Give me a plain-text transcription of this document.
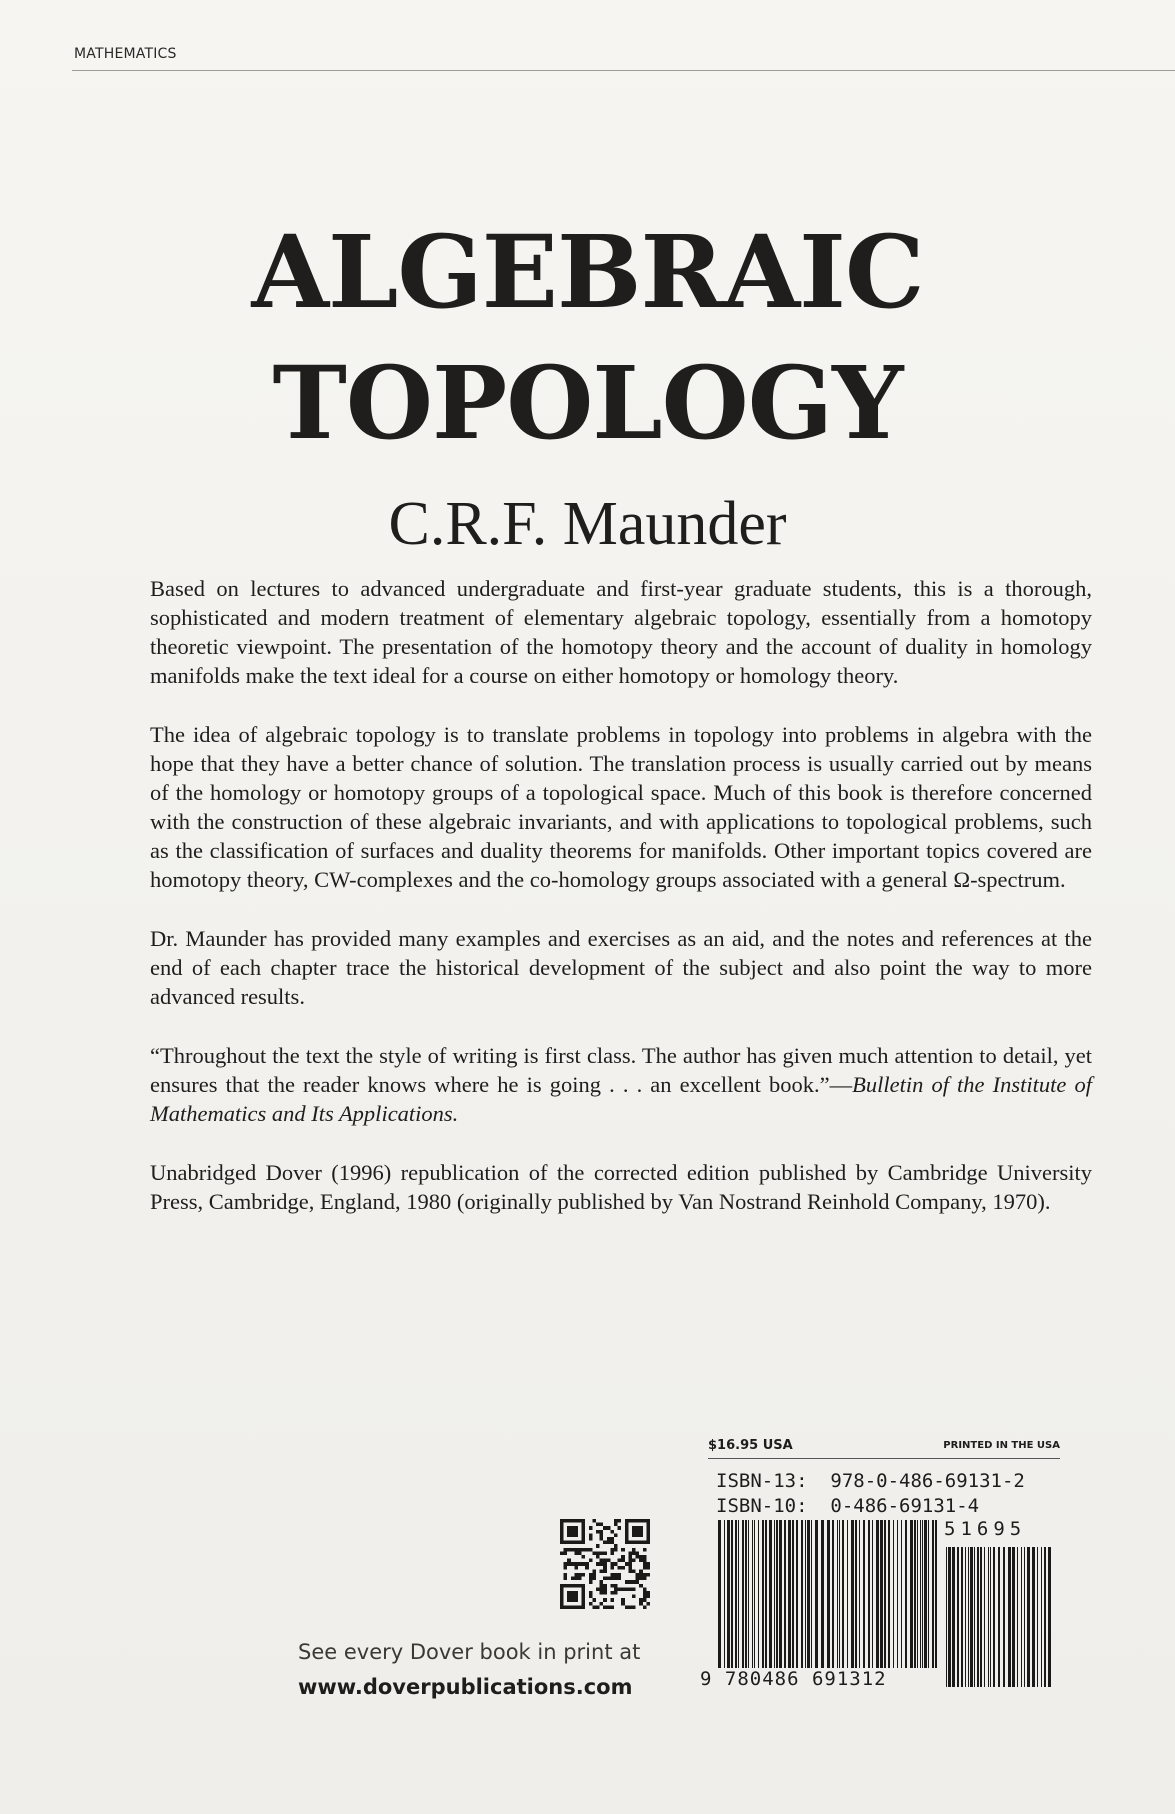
MATHEMATICS
ALGEBRAIC
TOPOLOGY
C.R.F. Maunder

Based on lectures to advanced undergraduate and first-year graduate students, this is a thorough, sophisticated and modern treatment of elementary algebraic topology, essentially from a homotopy theoretic viewpoint. The presentation of the homotopy theory and the account of duality in homology manifolds make the text ideal for a course on either homotopy or homology theory.

The idea of algebraic topology is to translate problems in topology into problems in algebra with the hope that they have a better chance of solution. The translation process is usually carried out by means of the homology or homotopy groups of a topological space. Much of this book is therefore concerned with the construction of these algebraic invariants, and with applications to topological problems, such as the classification of surfaces and duality theorems for manifolds. Other important topics covered are homotopy theory, CW-complexes and the co-homology groups associated with a general Ω-spectrum.

Dr. Maunder has provided many examples and exercises as an aid, and the notes and references at the end of each chapter trace the historical development of the subject and also point the way to more advanced results.

“Throughout the text the style of writing is first class. The author has given much attention to detail, yet ensures that the reader knows where he is going . . . an excellent book.”—Bulletin of the Institute of Mathematics and Its Applications.

Unabridged Dover (1996) republication of the corrected edition published by Cambridge University Press, Cambridge, England, 1980 (originally published by Van Nostrand Reinhold Company, 1970).

$16.95 USA	PRINTED IN THE USA
ISBN-13:  978-0-486-69131-2
ISBN-10:  0-486-69131-4
9 780486 691312
51695
See every Dover book in print at
www.doverpublications.com
